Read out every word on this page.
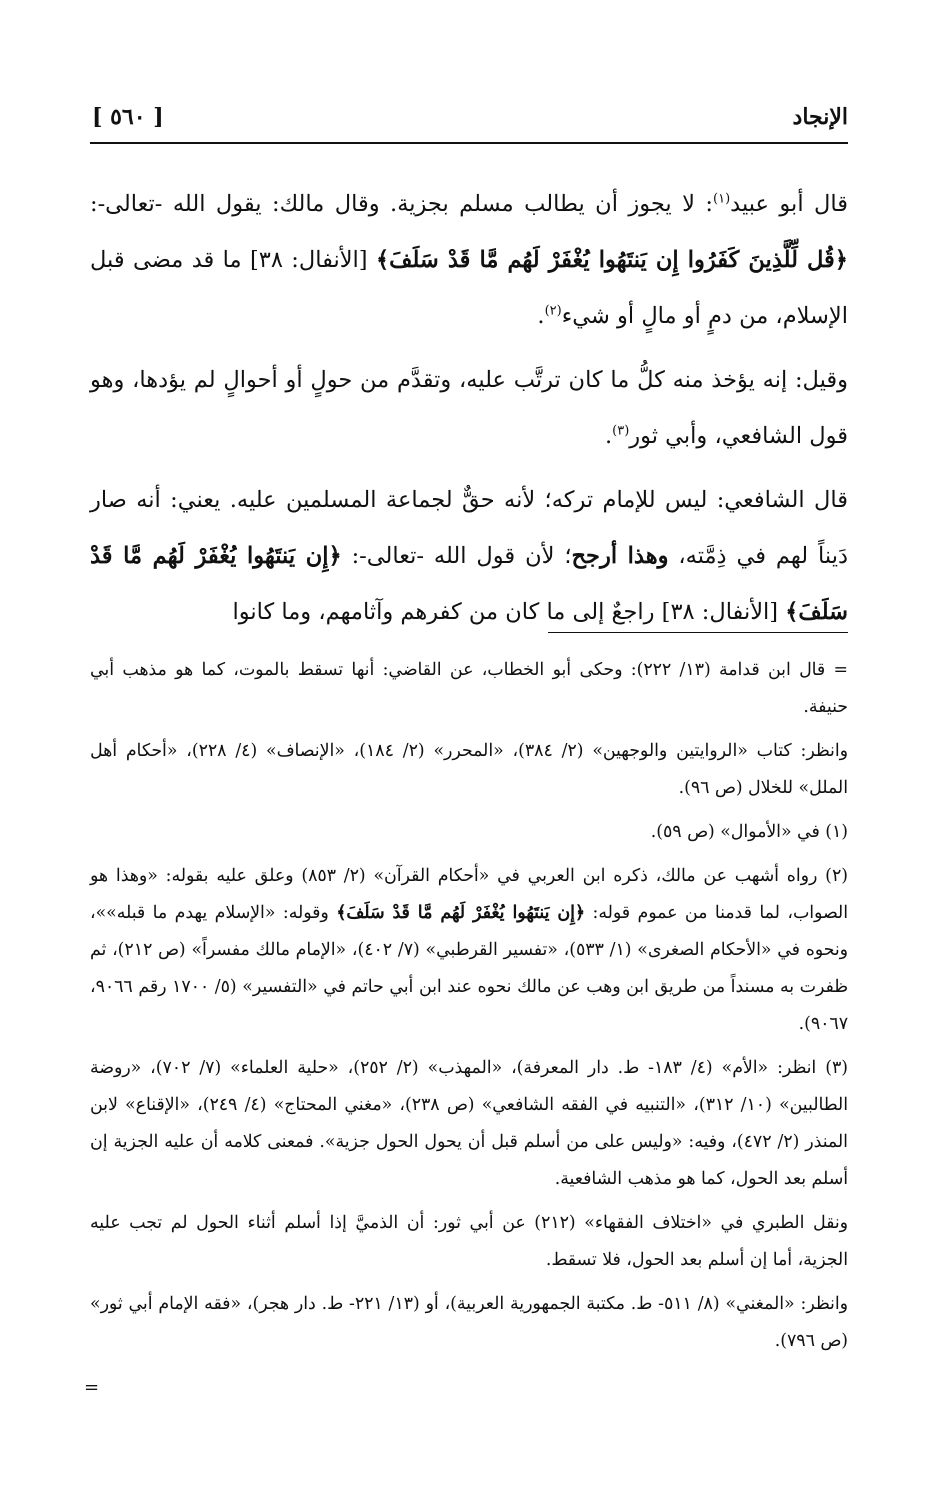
الإنجاد
[ ٥٦٠ ]

قال أبو عبيد$^{(١)}$: لا يجوز أن يطالب مسلم بجزية. وقال مالك: يقول الله -تعالى-: ﴿قُل لِّلَّذِينَ كَفَرُوا إِن يَنتَهُوا يُغْفَرْ لَهُم مَّا قَدْ سَلَفَ﴾ [الأنفال: ٣٨] ما قد مضى قبل الإسلام، من دمٍ أو مالٍ أو شيء$^{(٢)}$.

وقيل: إنه يؤخذ منه كلُّ ما كان ترتَّب عليه، وتقدَّم من حولٍ أو أحوالٍ لم يؤدها، وهو قول الشافعي، وأبي ثور$^{(٣)}$.

قال الشافعي: ليس للإمام تركه؛ لأنه حقٌّ لجماعة المسلمين عليه. يعني: أنه صار دَيناً لهم في ذِمَّته، وهذا أرجح؛ لأن قول الله -تعالى-: ﴿إِن يَنتَهُوا يُغْفَرْ لَهُم مَّا قَدْ سَلَفَ﴾ [الأنفال: ٣٨] راجعٌ إلى ما كان من كفرهم وآثامهم، وما كانوا

= قال ابن قدامة (١٣/ ٢٢٢): وحكى أبو الخطاب، عن القاضي: أنها تسقط بالموت، كما هو مذهب أبي حنيفة.

وانظر: كتاب «الروايتين والوجهين» (٢/ ٣٨٤)، «المحرر» (٢/ ١٨٤)، «الإنصاف» (٤/ ٢٢٨)، «أحكام أهل الملل» للخلال (ص ٩٦).

(١) في «الأموال» (ص ٥٩).

(٢) رواه أشهب عن مالك، ذكره ابن العربي في «أحكام القرآن» (٢/ ٨٥٣) وعلق عليه بقوله: «وهذا هو الصواب، لما قدمنا من عموم قوله: ﴿إِن يَنتَهُوا يُغْفَرْ لَهُم مَّا قَدْ سَلَفَ﴾ وقوله: «الإسلام يهدم ما قبله»»، ونحوه في «الأحكام الصغرى» (١/ ٥٣٣)، «تفسير القرطبي» (٧/ ٤٠٢)، «الإمام مالك مفسراً» (ص ٢١٢)، ثم ظفرت به مسنداً من طريق ابن وهب عن مالك نحوه عند ابن أبي حاتم في «التفسير» (٥/ ١٧٠٠ رقم ٩٠٦٦، ٩٠٦٧).

(٣) انظر: «الأم» (٤/ ١٨٣- ط. دار المعرفة)، «المهذب» (٢/ ٢٥٢)، «حلية العلماء» (٧/ ٧٠٢)، «روضة الطالبين» (١٠/ ٣١٢)، «التنبيه في الفقه الشافعي» (ص ٢٣٨)، «مغني المحتاج» (٤/ ٢٤٩)، «الإقناع» لابن المنذر (٢/ ٤٧٢)، وفيه: «وليس على من أسلم قبل أن يحول الحول جزية». فمعنى كلامه أن عليه الجزية إن أسلم بعد الحول، كما هو مذهب الشافعية.

ونقل الطبري في «اختلاف الفقهاء» (٢١٢) عن أبي ثور: أن الذميَّ إذا أسلم أثناء الحول لم تجب عليه الجزية، أما إن أسلم بعد الحول، فلا تسقط.

وانظر: «المغني» (٨/ ٥١١- ط. مكتبة الجمهورية العربية)، أو (١٣/ ٢٢١- ط. دار هجر)، «فقه الإمام أبي ثور» (ص ٧٩٦).

=
